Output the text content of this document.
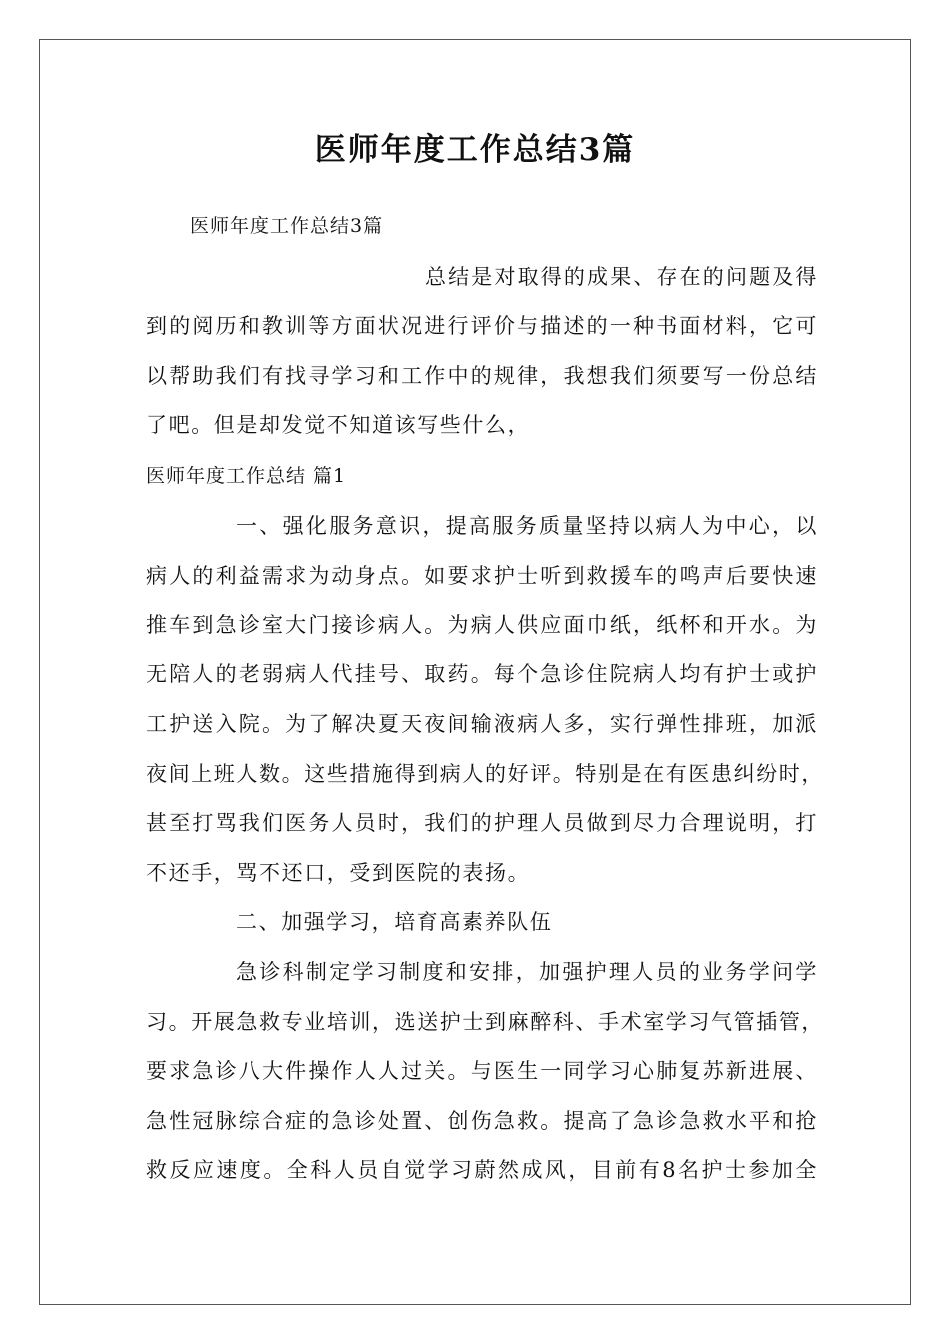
医师年度工作总结3篇

医师年度工作总结3篇

总结是对取得的成果、存在的问题及得

到的阅历和教训等方面状况进行评价与描述的一种书面材料，它可

以帮助我们有找寻学习和工作中的规律，我想我们须要写一份总结

了吧。但是却发觉不知道该写些什么，

医师年度工作总结 篇1

一、强化服务意识，提高服务质量坚持以病人为中心，以

病人的利益需求为动身点。如要求护士听到救援车的鸣声后要快速

推车到急诊室大门接诊病人。为病人供应面巾纸，纸杯和开水。为

无陪人的老弱病人代挂号、取药。每个急诊住院病人均有护士或护

工护送入院。为了解决夏天夜间输液病人多，实行弹性排班，加派

夜间上班人数。这些措施得到病人的好评。特别是在有医患纠纷时，

甚至打骂我们医务人员时，我们的护理人员做到尽力合理说明，打

不还手，骂不还口，受到医院的表扬。

二、加强学习，培育高素养队伍

急诊科制定学习制度和安排，加强护理人员的业务学问学

习。开展急救专业培训，选送护士到麻醉科、手术室学习气管插管，

要求急诊八大件操作人人过关。与医生一同学习心肺复苏新进展、

急性冠脉综合症的急诊处置、创伤急救。提高了急诊急救水平和抢

救反应速度。全科人员自觉学习蔚然成风，目前有8名护士参加全
